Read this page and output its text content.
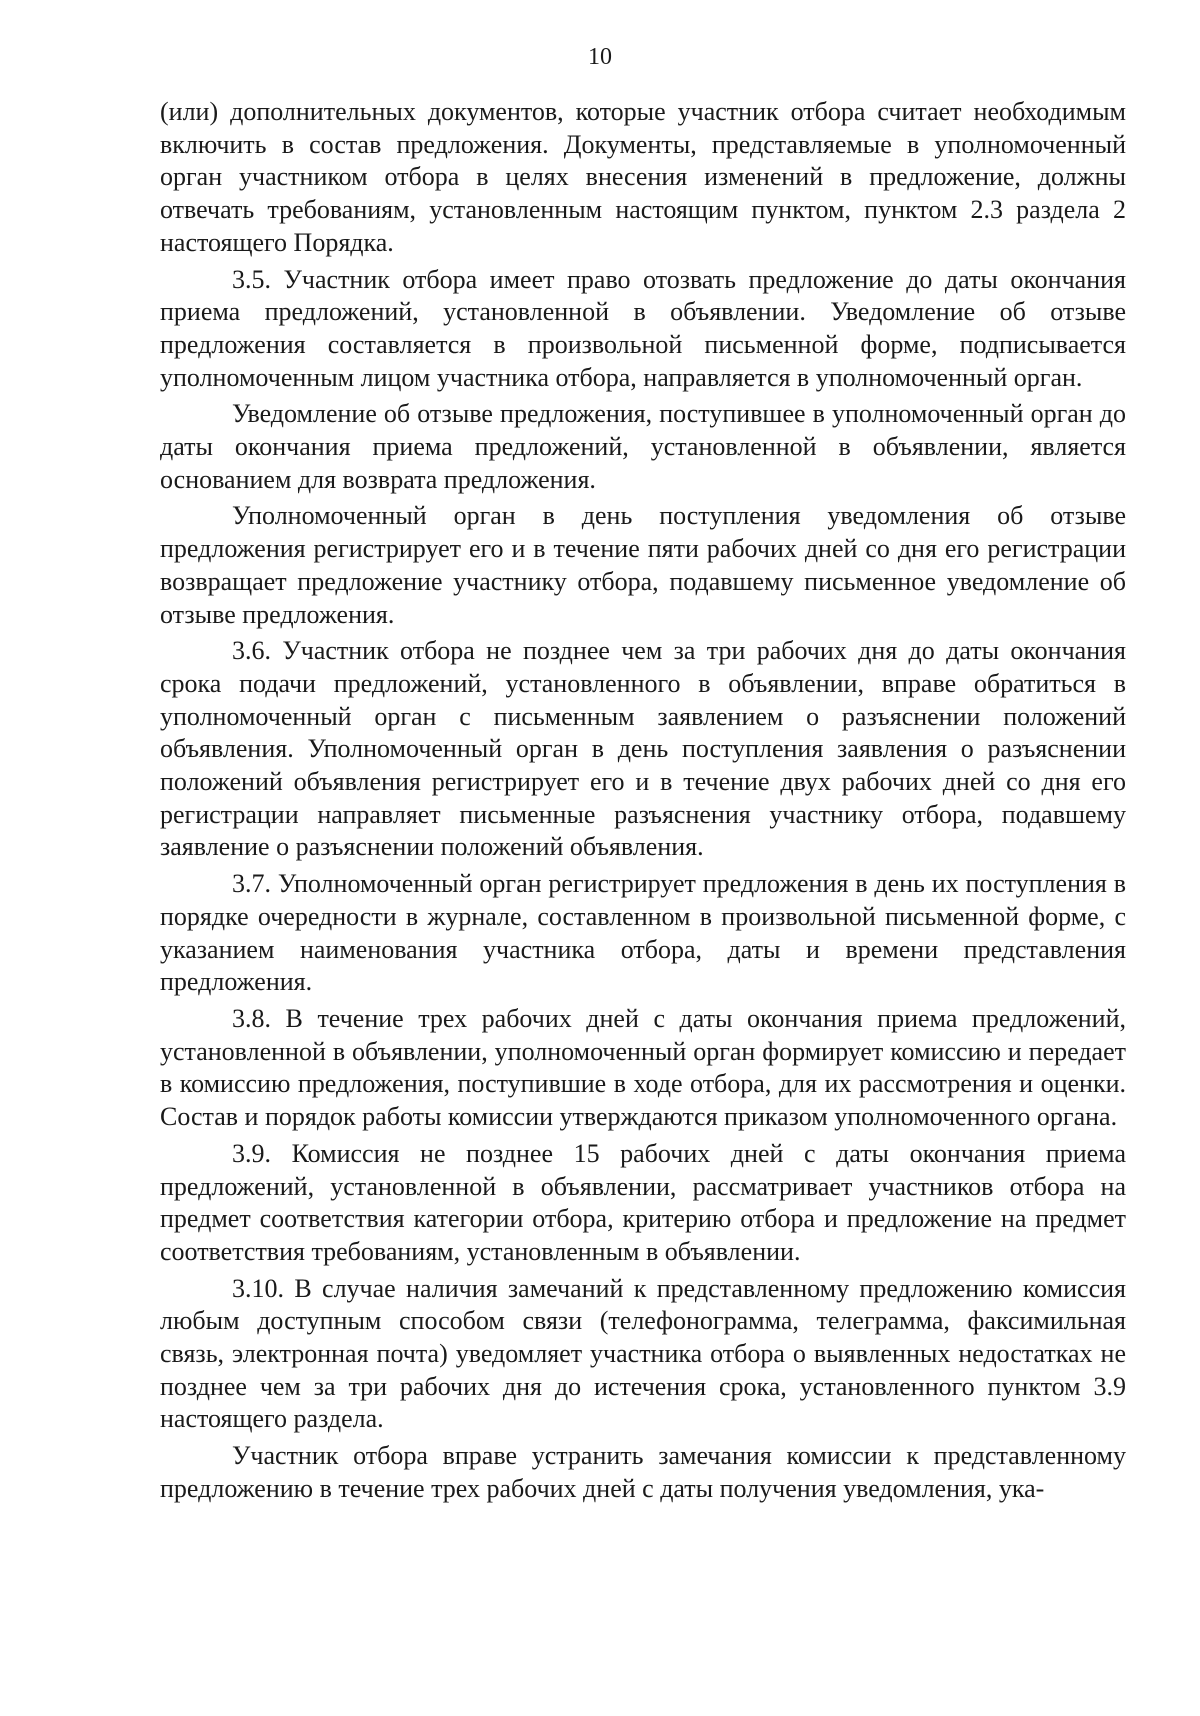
10

(или) дополнительных документов, которые участник отбора считает необходимым включить в состав предложения. Документы, представляемые в уполномоченный орган участником отбора в целях внесения изменений в предложение, должны отвечать требованиям, установленным настоящим пунктом, пунктом 2.3 раздела 2 настоящего Порядка.

3.5. Участник отбора имеет право отозвать предложение до даты окончания приема предложений, установленной в объявлении. Уведомление об отзыве предложения составляется в произвольной письменной форме, подписывается уполномоченным лицом участника отбора, направляется в уполномоченный орган.

Уведомление об отзыве предложения, поступившее в уполномоченный орган до даты окончания приема предложений, установленной в объявлении, является основанием для возврата предложения.

Уполномоченный орган в день поступления уведомления об отзыве предложения регистрирует его и в течение пяти рабочих дней со дня его регистрации возвращает предложение участнику отбора, подавшему письменное уведомление об отзыве предложения.

3.6. Участник отбора не позднее чем за три рабочих дня до даты окончания срока подачи предложений, установленного в объявлении, вправе обратиться в уполномоченный орган с письменным заявлением о разъяснении положений объявления. Уполномоченный орган в день поступления заявления о разъяснении положений объявления регистрирует его и в течение двух рабочих дней со дня его регистрации направляет письменные разъяснения участнику отбора, подавшему заявление о разъяснении положений объявления.

3.7. Уполномоченный орган регистрирует предложения в день их поступления в порядке очередности в журнале, составленном в произвольной письменной форме, с указанием наименования участника отбора, даты и времени представления предложения.

3.8. В течение трех рабочих дней с даты окончания приема предложений, установленной в объявлении, уполномоченный орган формирует комиссию и передает в комиссию предложения, поступившие в ходе отбора, для их рассмотрения и оценки. Состав и порядок работы комиссии утверждаются приказом уполномоченного органа.

3.9. Комиссия не позднее 15 рабочих дней с даты окончания приема предложений, установленной в объявлении, рассматривает участников отбора на предмет соответствия категории отбора, критерию отбора и предложение на предмет соответствия требованиям, установленным в объявлении.

3.10. В случае наличия замечаний к представленному предложению комиссия любым доступным способом связи (телефонограмма, телеграмма, факсимильная связь, электронная почта) уведомляет участника отбора о выявленных недостатках не позднее чем за три рабочих дня до истечения срока, установленного пунктом 3.9 настоящего раздела.

Участник отбора вправе устранить замечания комиссии к представленному предложению в течение трех рабочих дней с даты получения уведомления, ука-
